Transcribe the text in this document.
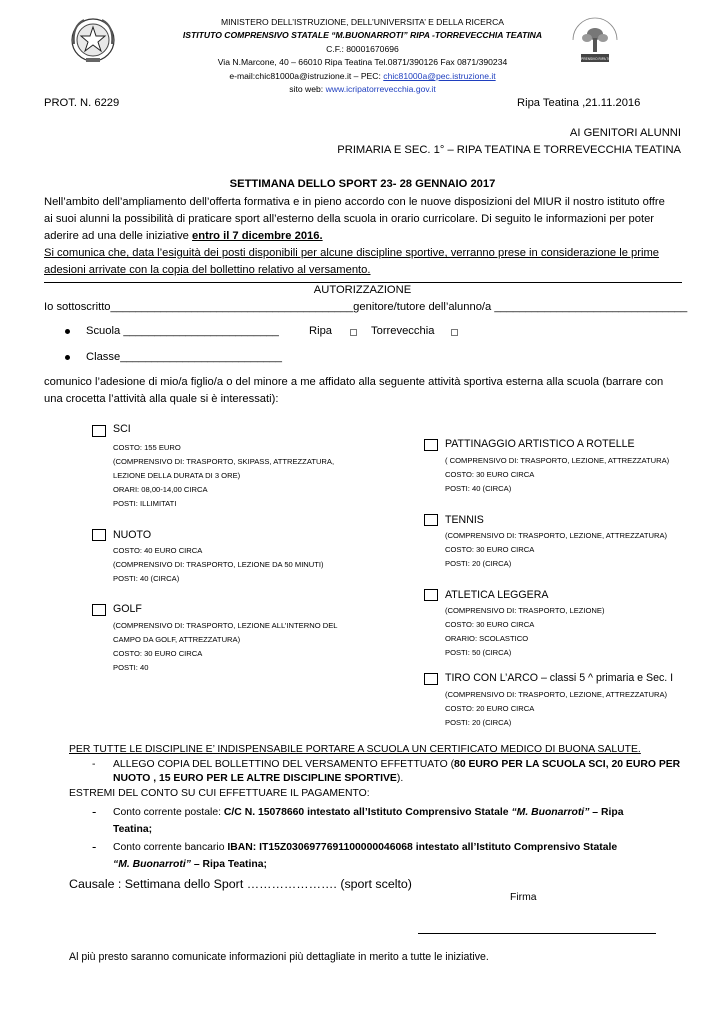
ISTITUTO COMPRENSIVO RIPA TORREVECCHIA
MINISTERO DELL’ISTRUZIONE, DELL’UNIVERSITA’ E DELLA RICERCA
ISTITUTO COMPRENSIVO STATALE “M.BUONARROTI” RIPA -TORREVECCHIA TEATINA
C.F.: 80001670696
Via N.Marcone, 40 – 66010 Ripa Teatina Tel.0871/390126 Fax 0871/390234
e-mail:chic81000a@istruzione.it – PEC: chic81000a@pec.istruzione.it
sito web: www.icripatorrevecchia.gov.it
PROT. N. 6229	Ripa Teatina ,21.11.2016
AI GENITORI ALUNNI
PRIMARIA E SEC. 1° – RIPA TEATINA E TORREVECCHIA TEATINA
SETTIMANA DELLO SPORT 23- 28 GENNAIO 2017
Nell’ambito dell’ampliamento dell’offerta formativa e in pieno accordo con le nuove disposizioni del MIUR il nostro istituto offre
ai suoi alunni la possibilità di praticare sport all’esterno della scuola in orario curricolare. Di seguito le informazioni per poter
aderire ad una delle iniziative entro il 7 dicembre 2016.
Si comunica che, data l’esiguità dei posti disponibili per alcune discipline sportive, verranno prese in considerazione le prime
adesioni arrivate con la copia del bollettino relativo al versamento.
AUTORIZZAZIONE
Io sottoscritto_______________________________________genitore/tutore dell’alunno/a _______________________________
Scuola _________________________	Ripa	Torrevecchia
Classe__________________________
comunico l’adesione di mio/a figlio/a o del minore a me affidato alla seguente attività sportiva esterna alla scuola (barrare con
una crocetta l’attività alla quale si è interessati):
SCI
COSTO: 155 EURO
(COMPRENSIVO DI: TRASPORTO, SKIPASS, ATTREZZATURA,
LEZIONE DELLA DURATA DI 3 ORE)
ORARI: 08,00-14,00 CIRCA
POSTI: ILLIMITATI
NUOTO
COSTO: 40 EURO CIRCA
(COMPRENSIVO DI: TRASPORTO, LEZIONE DA 50 MINUTI)
POSTI: 40 (CIRCA)
GOLF
(COMPRENSIVO DI: TRASPORTO, LEZIONE ALL’INTERNO DEL
CAMPO DA GOLF, ATTREZZATURA)
COSTO: 30 EURO CIRCA
POSTI: 40
PATTINAGGIO ARTISTICO A ROTELLE
( COMPRENSIVO DI: TRASPORTO, LEZIONE, ATTREZZATURA)
COSTO: 30 EURO CIRCA
POSTI: 40 (CIRCA)
TENNIS
(COMPRENSIVO DI: TRASPORTO, LEZIONE, ATTREZZATURA)
COSTO: 30 EURO CIRCA
POSTI: 20 (CIRCA)
ATLETICA LEGGERA
(COMPRENSIVO DI: TRASPORTO, LEZIONE)
COSTO: 30 EURO CIRCA
ORARIO: SCOLASTICO
POSTI: 50 (CIRCA)
TIRO CON L’ARCO – classi 5 ^ primaria e Sec. I
(COMPRENSIVO DI: TRASPORTO, LEZIONE, ATTREZZATURA)
COSTO: 20 EURO CIRCA
POSTI: 20 (CIRCA)
PER TUTTE LE DISCIPLINE E’ INDISPENSABILE PORTARE A SCUOLA UN CERTIFICATO MEDICO DI BUONA SALUTE.
- ALLEGO COPIA DEL BOLLETTINO DEL VERSAMENTO EFFETTUATO (80 EURO PER LA SCUOLA SCI, 20 EURO PER
NUOTO , 15 EURO PER LE ALTRE DISCIPLINE SPORTIVE).
ESTREMI DEL CONTO SU CUI EFFETTUARE IL PAGAMENTO:
- Conto corrente postale: C/C N. 15078660 intestato all’Istituto Comprensivo Statale “M. Buonarroti” – Ripa
Teatina;
- Conto corrente bancario IBAN: IT15Z0306977691100000046068 intestato all’Istituto Comprensivo Statale
“M. Buonarroti” – Ripa Teatina;
Causale : Settimana dello Sport …………………. (sport scelto)
Firma
Al più presto saranno comunicate informazioni più dettagliate in merito a tutte le iniziative.
